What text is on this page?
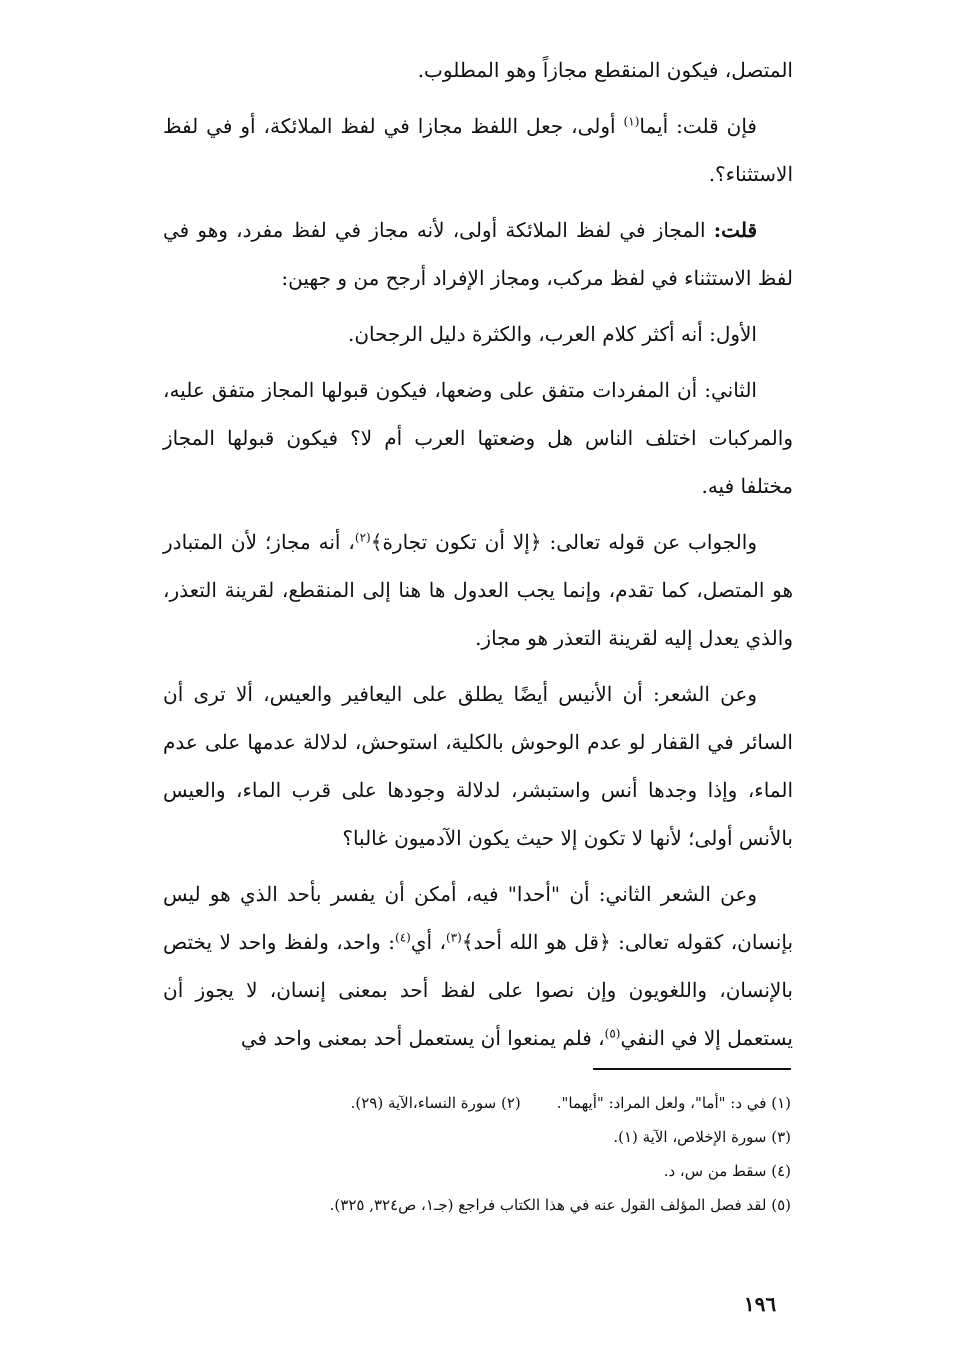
المتصل، فيكون المنقطع مجازاً وهو المطلوب.

فإن قلت: أيما$^{(١)}$ أولى، جعل اللفظ مجازا في لفظ الملائكة، أو في لفظ الاستثناء؟.

قلت: المجاز في لفظ الملائكة أولى، لأنه مجاز في لفظ مفرد، وهو في لفظ الاستثناء في لفظ مركب، ومجاز الإفراد أرجح من و جهين:

الأول: أنه أكثر كلام العرب، والكثرة دليل الرجحان.

الثاني: أن المفردات متفق على وضعها، فيكون قبولها المجاز متفق عليه، والمركبات اختلف الناس هل وضعتها العرب أم لا؟ فيكون قبولها المجاز مختلفا فيه.

والجواب عن قوله تعالى: ﴿إلا أن تكون تجارة﴾$^{(٢)}$، أنه مجاز؛ لأن المتبادر هو المتصل، كما تقدم، وإنما يجب العدول ها هنا إلى المنقطع، لقرينة التعذر، والذي يعدل إليه لقرينة التعذر هو مجاز.

وعن الشعر: أن الأنيس أيضًا يطلق على اليعافير والعيس، ألا ترى أن السائر في القفار لو عدم الوحوش بالكلية، استوحش، لدلالة عدمها على عدم الماء، وإذا وجدها أنس واستبشر، لدلالة وجودها على قرب الماء، والعيس بالأنس أولى؛ لأنها لا تكون إلا حيث يكون الآدميون غالبا؟

وعن الشعر الثاني: أن "أحدا" فيه، أمكن أن يفسر بأحد الذي هو ليس بإنسان، كقوله تعالى: ﴿قل هو الله أحد﴾$^{(٣)}$، أي$^{(٤)}$: واحد، ولفظ واحد لا يختص بالإنسان، واللغويون وإن نصوا على لفظ أحد بمعنى إنسان، لا يجوز أن يستعمل إلا في النفي$^{(٥)}$، فلم يمنعوا أن يستعمل أحد بمعنى واحد في

(١) في د: "أما"، ولعل المراد: "أيهما".
(٢) سورة النساء،الآية (٢٩).
(٣) سورة الإخلاص، الآية (١).
(٤) سقط من س، د.
(٥) لقد فصل المؤلف القول عنه في هذا الكتاب فراجع (جـ١، ص٣٢٤, ٣٢٥).
١٩٦
